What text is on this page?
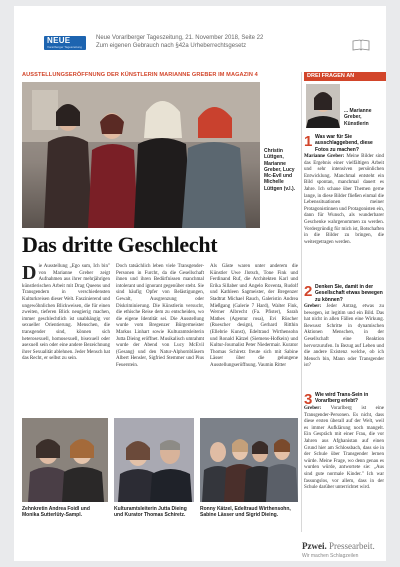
NEUE
Vorarlberger Tageszeitung
Neue Vorarlberger Tageszeitung, 21. November 2018, Seite 22
Zum eigenen Gebrauch nach §42a Urheberrechtsgesetz
AUSSTELLUNGSERÖFFNUNG DER KÜNSTLERIN MARIANNE GREBER IM MAGAZIN 4
Christin Lüttgen, Marianne Greber, Lucy Mc-Evil und Michelle Lüttgen (v.l.).
Das dritte Geschlecht
Die Ausstellung „Ego sum, Ich bin" von Marianne Greber zeigt Aufnahmen aus ihrer mehrjährigen künstlerischen Arbeit mit Drag Queens und Transgendern in verschiedensten Kulturkreisen dieser Welt. Faszinierend und ungewöhnlichen Blickweisen, die für einen zweiten, tieferen Blick neugierig machen, immer geschlechtlich ist unabhängig vor sexueller Orientierung. Menschen, die transgender sind, können sich heterosexuell, homosexuell, bisexuell oder asexuell sein oder eine andere Bezeichnung ihrer Sexualität ablehnen. Jeder Mensch hat das Recht, er selbst zu sein.
Doch tatsächlich leben viele Transgender-Personen in Furcht, da die Gesellschaft ihnen und ihren Bedürfnissen manchmal intolerant und ignorant gegenüber steht. Sie sind häufig Opfer von Belästigungen, Gewalt, Ausgrenzung oder Diskriminierung. Die Künstlerin versucht, die ethische Reise dem zu entscheiden, wo die eigene Identität sei. Die Ausstellung wurde vom Bregenzer Bürgermeister Markus Linhart sowie Kulturamtsleiterin Jutta Dieing eröffnet. Musikalisch umrahmt wurde der Abend von Lucy McEvil (Gesang) und den Natur-Alphornbläsern Albert Hensler, Sigfried Stemmer und Pius Feuerstein.
Als Gäste waren unter anderem die Künstler Uwe Jlotsch, Tone Fink und Ferdinand Ruf, die Architekten Karl und Erika Sillaber und Angelo Roventa, Rudolf und Kathleen Sagmeister, der Bregenzer Stadtrat Michael Rauch, Galeristin Andrea Mießgang (Galerie 7 Hard), Walter Fink, Werner Albrecht (Fa. Pfister), Sarah Mathes (Agentur rosa), Evi Rüscher (Ruescher design), Gerhard Ritthin (Ellebrie Kunst), Edeltraud Wirthensohn und Ronald Kätzel (Siemens-Hofkein) und Kultur-Journalist Peter Niedermair. Kurator Thomas Schiretz freute sich mit Sabine Lässer über die gelungene Ausstellungseröffnung. Vaumin Ritter
Zehnkretin Andrea Foidl und Monika Sutterlüty-Sampl.
Kulturamtsleiterin Jutta Dieing und Kurator Thomas Schiretz.
Ronny Kätzel, Edeltraud Wirthensohn, Sabine Lässer und Sigrid Dieing.
DREI FRAGEN AN
... Marianne Greber, Künstlerin
1 Was war für Sie ausschlaggebend, diese Fotos zu machen?
Marianne Greber: Meine Bilder sind das Ergebnis einer vielfältigen Arbeit und sehr intensiven persönlichen Entwicklung. Manchmal entsteht ein Bild spontan, manchmal dauert es Jahre. Ich schaue über Themen gerne lange, in diese Bilder fließen einmal die Lebenssituationen meiner Protagonistinnen und Protagonisten ein, dann für Wunsch, als wunderbarer Geschenke wahrgenommen zu werden. Vordergründig für mich ist, Botschaften in die Bilder zu bringen, die weitergetragen werden.
2 Denken Sie, damit in der Gesellschaft etwas bewegen zu können?
Greber: Jeder Antrag, etwas zu bewegen, ist legitim und ein Bild. Das hat nicht in allen Fällen eine Wirkung. Bewusst Schritte in dynamischen Aktionen Menschen, in der Gesellschaft eine Reaktion hervorzurufen. In Bezug auf Leben und die andere Existenz welche, ob ich Mensch bin, Mann oder Transgender ist?
3 Wie wird Trans-Sein in Vorarlberg erlebt?
Greber: Vorarlberg ist eine Transgender-Personen. Es nicht, dass diese ersten überall auf der Welt, weil es immer Aufklärung noch mangelt. Ein Gespräch mit einer Frau, die vor Jahren aus Afghanistan auf einen Grund hier am Schlossbach, dass sie in der Schule über Transgender lernen würde. Meine Frage, wo denn genau es wurden würde, antwortete sie: „Aus sind gute normale Kinder." Ich war fassungslos, vor allem, dass in der Schule darüber unterrichtet wird.
Pzwei. Pressearbeit.
Wir machen Schlagzeilen
